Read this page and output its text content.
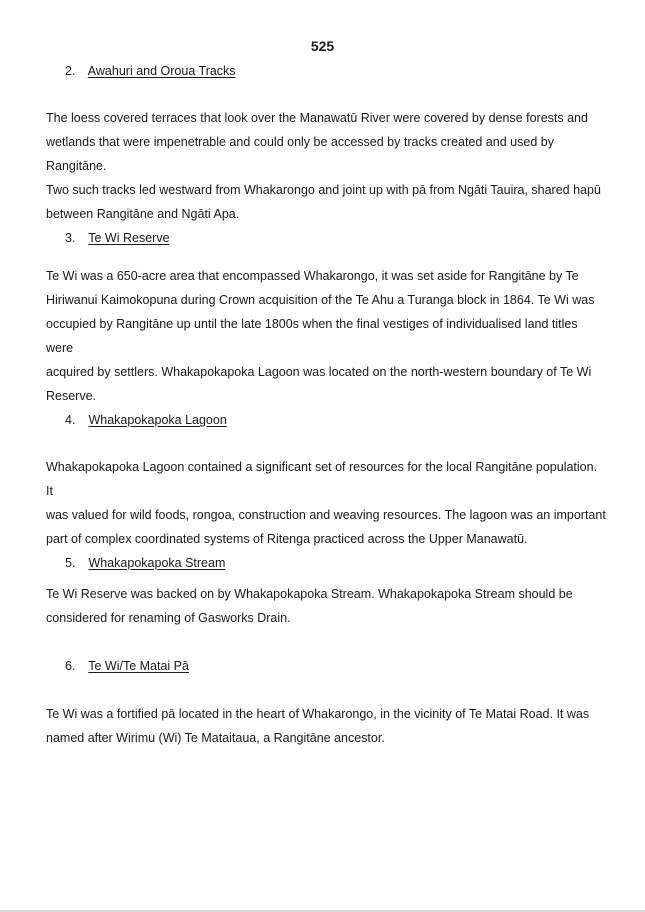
525
2. Awahuri and Oroua Tracks
The loess covered terraces that look over the Manawatū River were covered by dense forests and
wetlands that were impenetrable and could only be accessed by tracks created and used by Rangitāne.
Two such tracks led westward from Whakarongo and joint up with pā from Ngāti Tauira, shared hapū
between Rangitāne and Ngāti Apa.
3. Te Wi Reserve
Te Wi was a 650-acre area that encompassed Whakarongo, it was set aside for Rangitāne by Te
Hiriwanui Kaimokopuna during Crown acquisition of the Te Ahu a Turanga block in 1864. Te Wi was
occupied by Rangitāne up until the late 1800s when the final vestiges of individualised land titles were
acquired by settlers. Whakapokapoka Lagoon was located on the north-western boundary of Te Wi
Reserve.
4. Whakapokapoka Lagoon
Whakapokapoka Lagoon contained a significant set of resources for the local Rangitāne population. It
was valued for wild foods, rongoa, construction and weaving resources. The lagoon was an important
part of complex coordinated systems of Ritenga practiced across the Upper Manawatū.
5. Whakapokapoka Stream
Te Wi Reserve was backed on by Whakapokapoka Stream. Whakapokapoka Stream should be
considered for renaming of Gasworks Drain.
6. Te Wi/Te Matai Pā
Te Wi was a fortified pā located in the heart of Whakarongo, in the vicinity of Te Matai Road. It was
named after Wirimu (Wi) Te Mataitaua, a Rangitāne ancestor.
